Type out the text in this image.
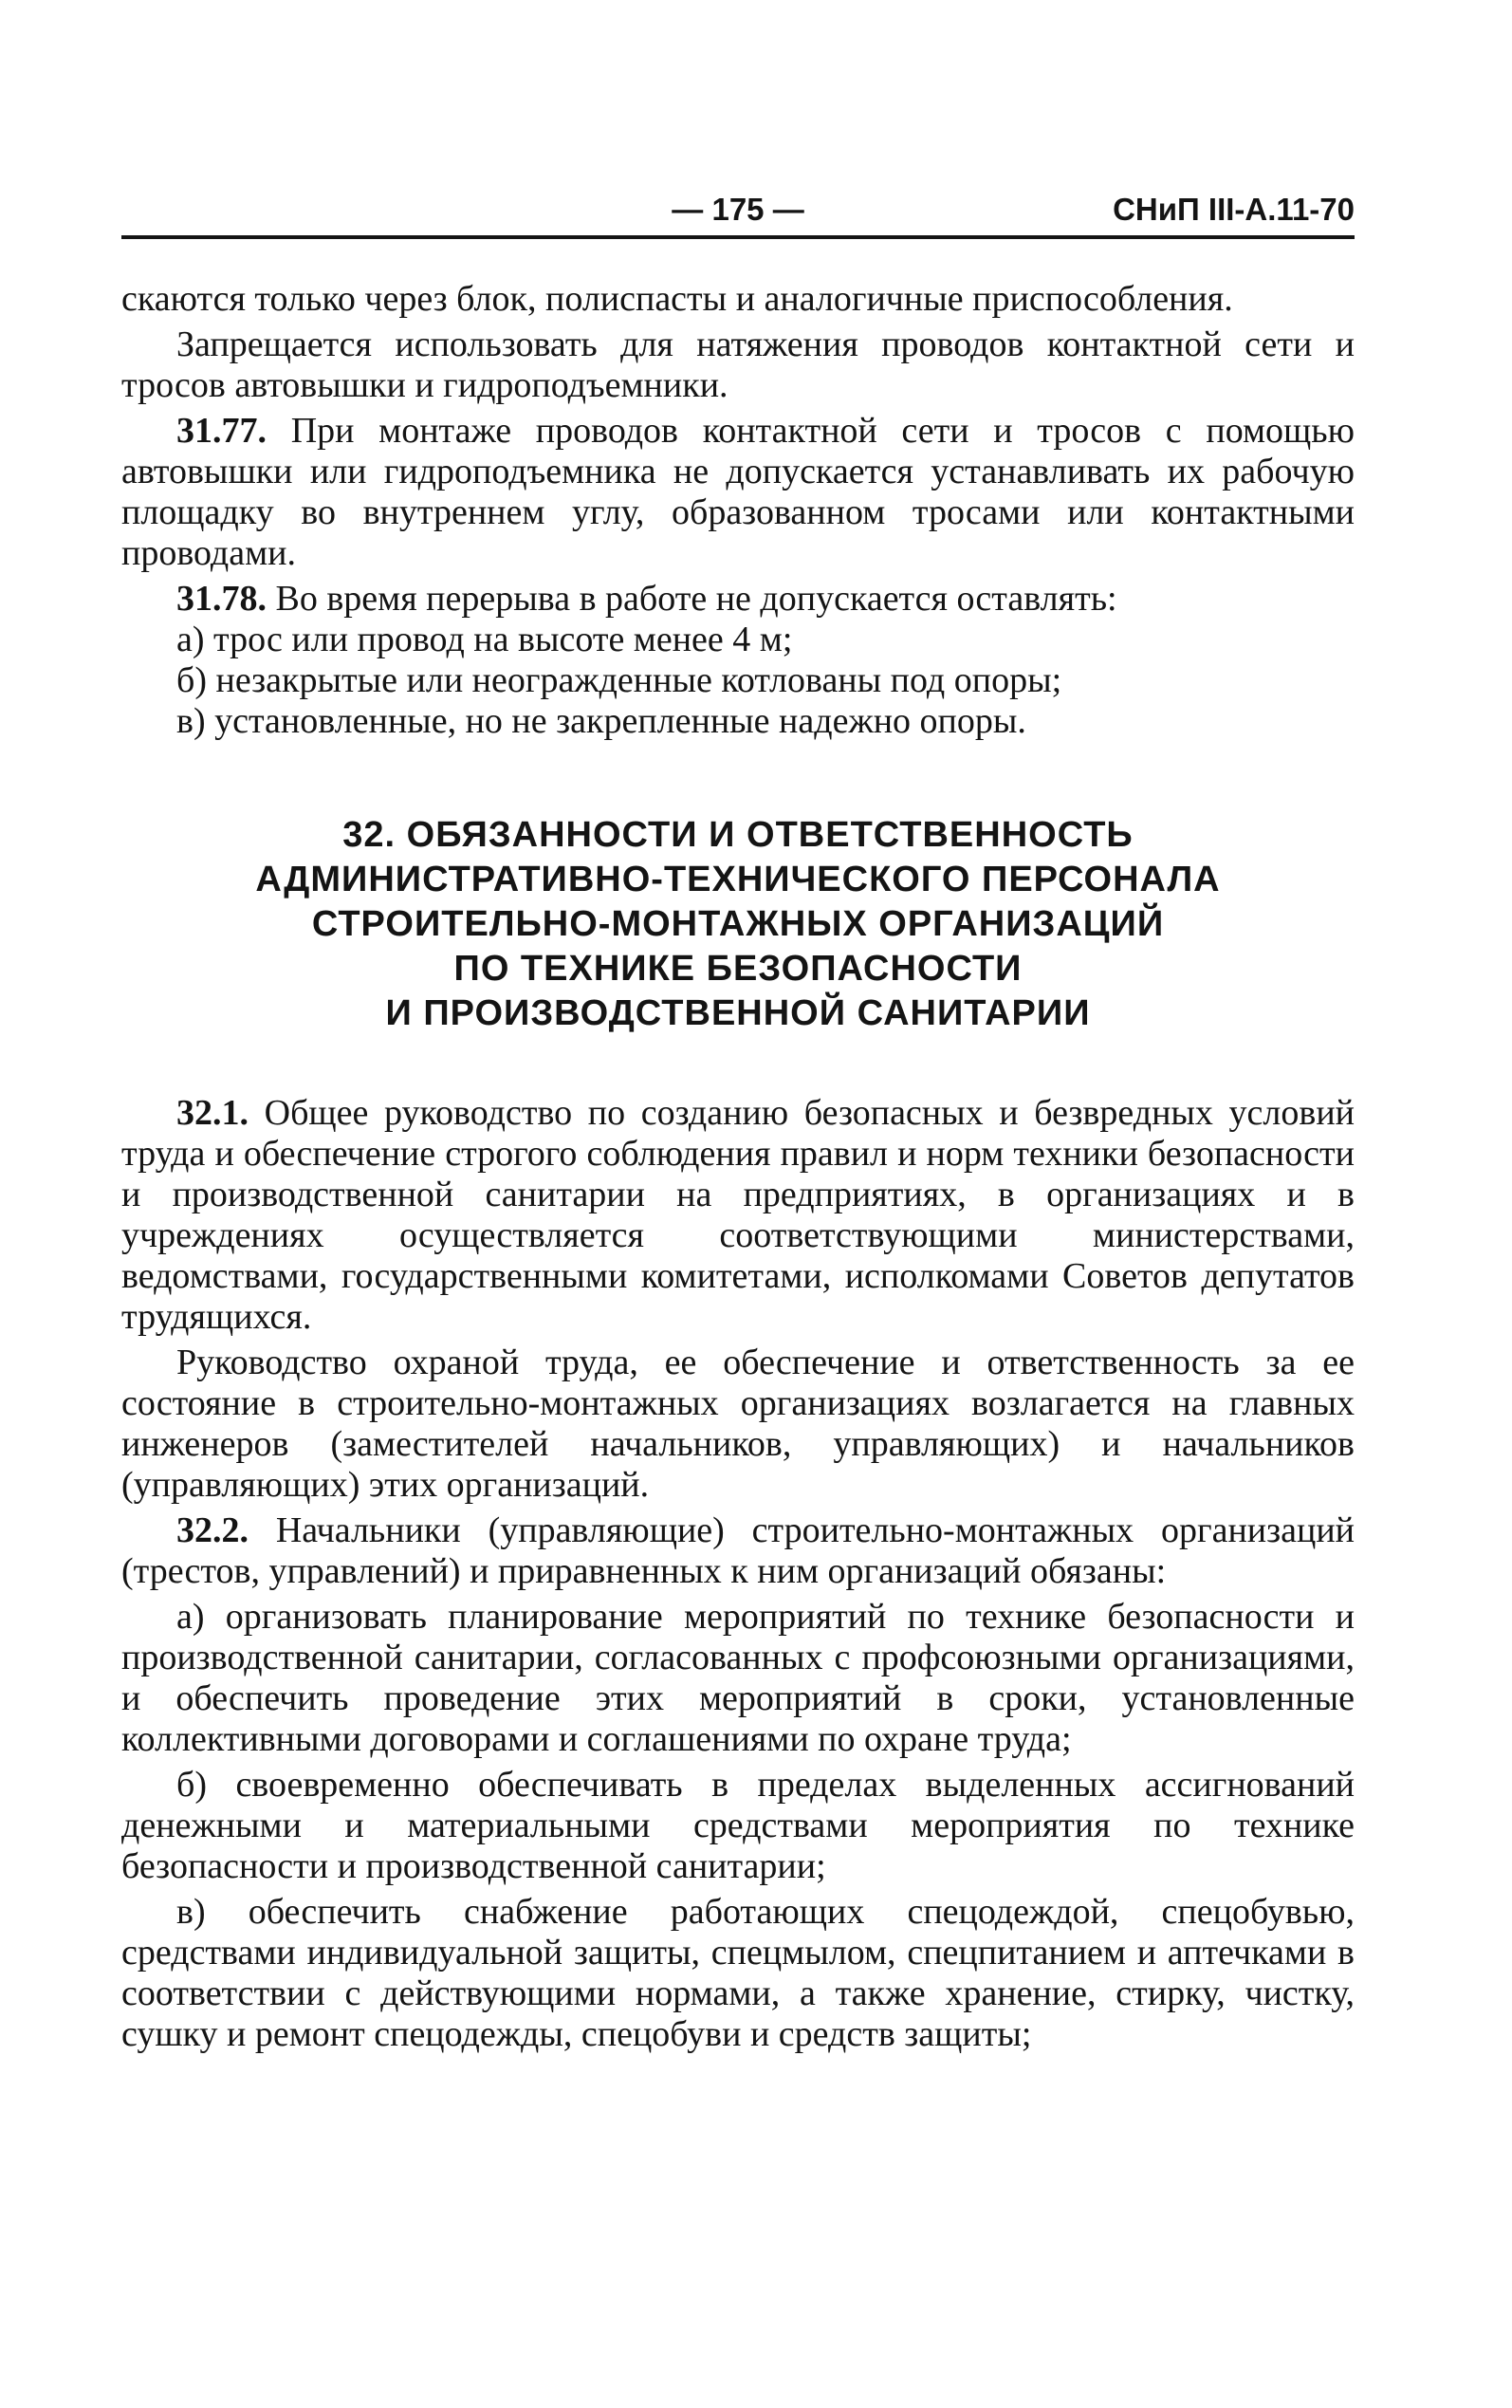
— 175 —	СНиП III-А.11-70

скаются только через блок, полиспасты и аналогичные приспособления.

Запрещается использовать для натяжения проводов контактной сети и тросов автовышки и гидроподъемники.

31.77. При монтаже проводов контактной сети и тросов с помощью автовышки или гидроподъемника не допускается устанавливать их рабочую площадку во внутреннем углу, образованном тросами или контактными проводами.

31.78. Во время перерыва в работе не допускается оставлять:

а) трос или провод на высоте менее 4 м;

б) незакрытые или неогражденные котлованы под опоры;

в) установленные, но не закрепленные надежно опоры.

32. ОБЯЗАННОСТИ И ОТВЕТСТВЕННОСТЬ
АДМИНИСТРАТИВНО-ТЕХНИЧЕСКОГО ПЕРСОНАЛА
СТРОИТЕЛЬНО-МОНТАЖНЫХ ОРГАНИЗАЦИЙ
ПО ТЕХНИКЕ БЕЗОПАСНОСТИ
И ПРОИЗВОДСТВЕННОЙ САНИТАРИИ

32.1. Общее руководство по созданию безопасных и безвредных условий труда и обеспечение строгого соблюдения правил и норм техники безопасности и производственной санитарии на предприятиях, в организациях и в учреждениях осуществляется соответствующими министерствами, ведомствами, государственными комитетами, исполкомами Советов депутатов трудящихся.

Руководство охраной труда, ее обеспечение и ответственность за ее состояние в строительно-монтажных организациях возлагается на главных инженеров (заместителей начальников, управляющих) и начальников (управляющих) этих организаций.

32.2. Начальники (управляющие) строительно-монтажных организаций (трестов, управлений) и приравненных к ним организаций обязаны:

а) организовать планирование мероприятий по технике безопасности и производственной санитарии, согласованных с профсоюзными организациями, и обеспечить проведение этих мероприятий в сроки, установленные коллективными договорами и соглашениями по охране труда;

б) своевременно обеспечивать в пределах выделенных ассигнований денежными и материальными средствами мероприятия по технике безопасности и производственной санитарии;

в) обеспечить снабжение работающих спецодеждой, спецобувью, средствами индивидуальной защиты, спецмылом, спецпитанием и аптечками в соответствии с действующими нормами, а также хранение, стирку, чистку, сушку и ремонт спецодежды, спецобуви и средств защиты;
